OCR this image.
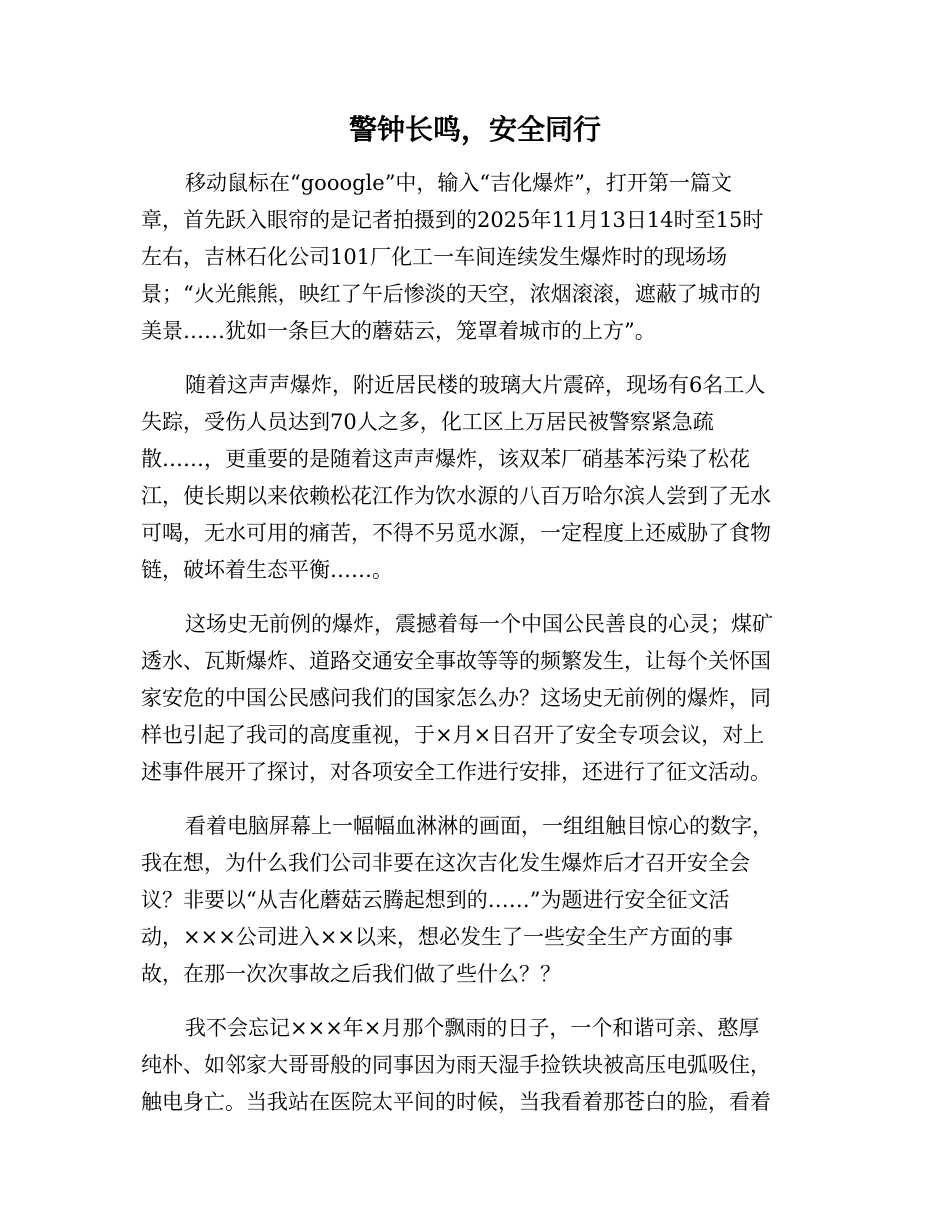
警钟长鸣，安全同行

移动鼠标在“gooogle”中，输入“吉化爆炸”，打开第一篇文
章，首先跃入眼帘的是记者拍摄到的2025年11月13日14时至15时
左右，吉林石化公司101厂化工一车间连续发生爆炸时的现场场
景；“火光熊熊，映红了午后惨淡的天空，浓烟滚滚，遮蔽了城市的
美景……犹如一条巨大的蘑菇云，笼罩着城市的上方”。

随着这声声爆炸，附近居民楼的玻璃大片震碎，现场有6名工人
失踪，受伤人员达到70人之多，化工区上万居民被警察紧急疏
散……，更重要的是随着这声声爆炸，该双苯厂硝基苯污染了松花
江，使长期以来依赖松花江作为饮水源的八百万哈尔滨人尝到了无水
可喝，无水可用的痛苦，不得不另觅水源，一定程度上还威胁了食物
链，破坏着生态平衡……。

这场史无前例的爆炸，震撼着每一个中国公民善良的心灵；煤矿
透水、瓦斯爆炸、道路交通安全事故等等的频繁发生，让每个关怀国
家安危的中国公民感问我们的国家怎么办？这场史无前例的爆炸，同
样也引起了我司的高度重视，于×月×日召开了安全专项会议，对上
述事件展开了探讨，对各项安全工作进行安排，还进行了征文活动。

看着电脑屏幕上一幅幅血淋淋的画面，一组组触目惊心的数字，
我在想，为什么我们公司非要在这次吉化发生爆炸后才召开安全会
议？非要以“从吉化蘑菇云腾起想到的……”为题进行安全征文活
动，×××公司进入××以来，想必发生了一些安全生产方面的事
故，在那一次次事故之后我们做了些什么？？

我不会忘记×××年×月那个飘雨的日子，一个和谐可亲、憨厚
纯朴、如邻家大哥哥般的同事因为雨天湿手捡铁块被高压电弧吸住，
触电身亡。当我站在医院太平间的时候，当我看着那苍白的脸，看着
